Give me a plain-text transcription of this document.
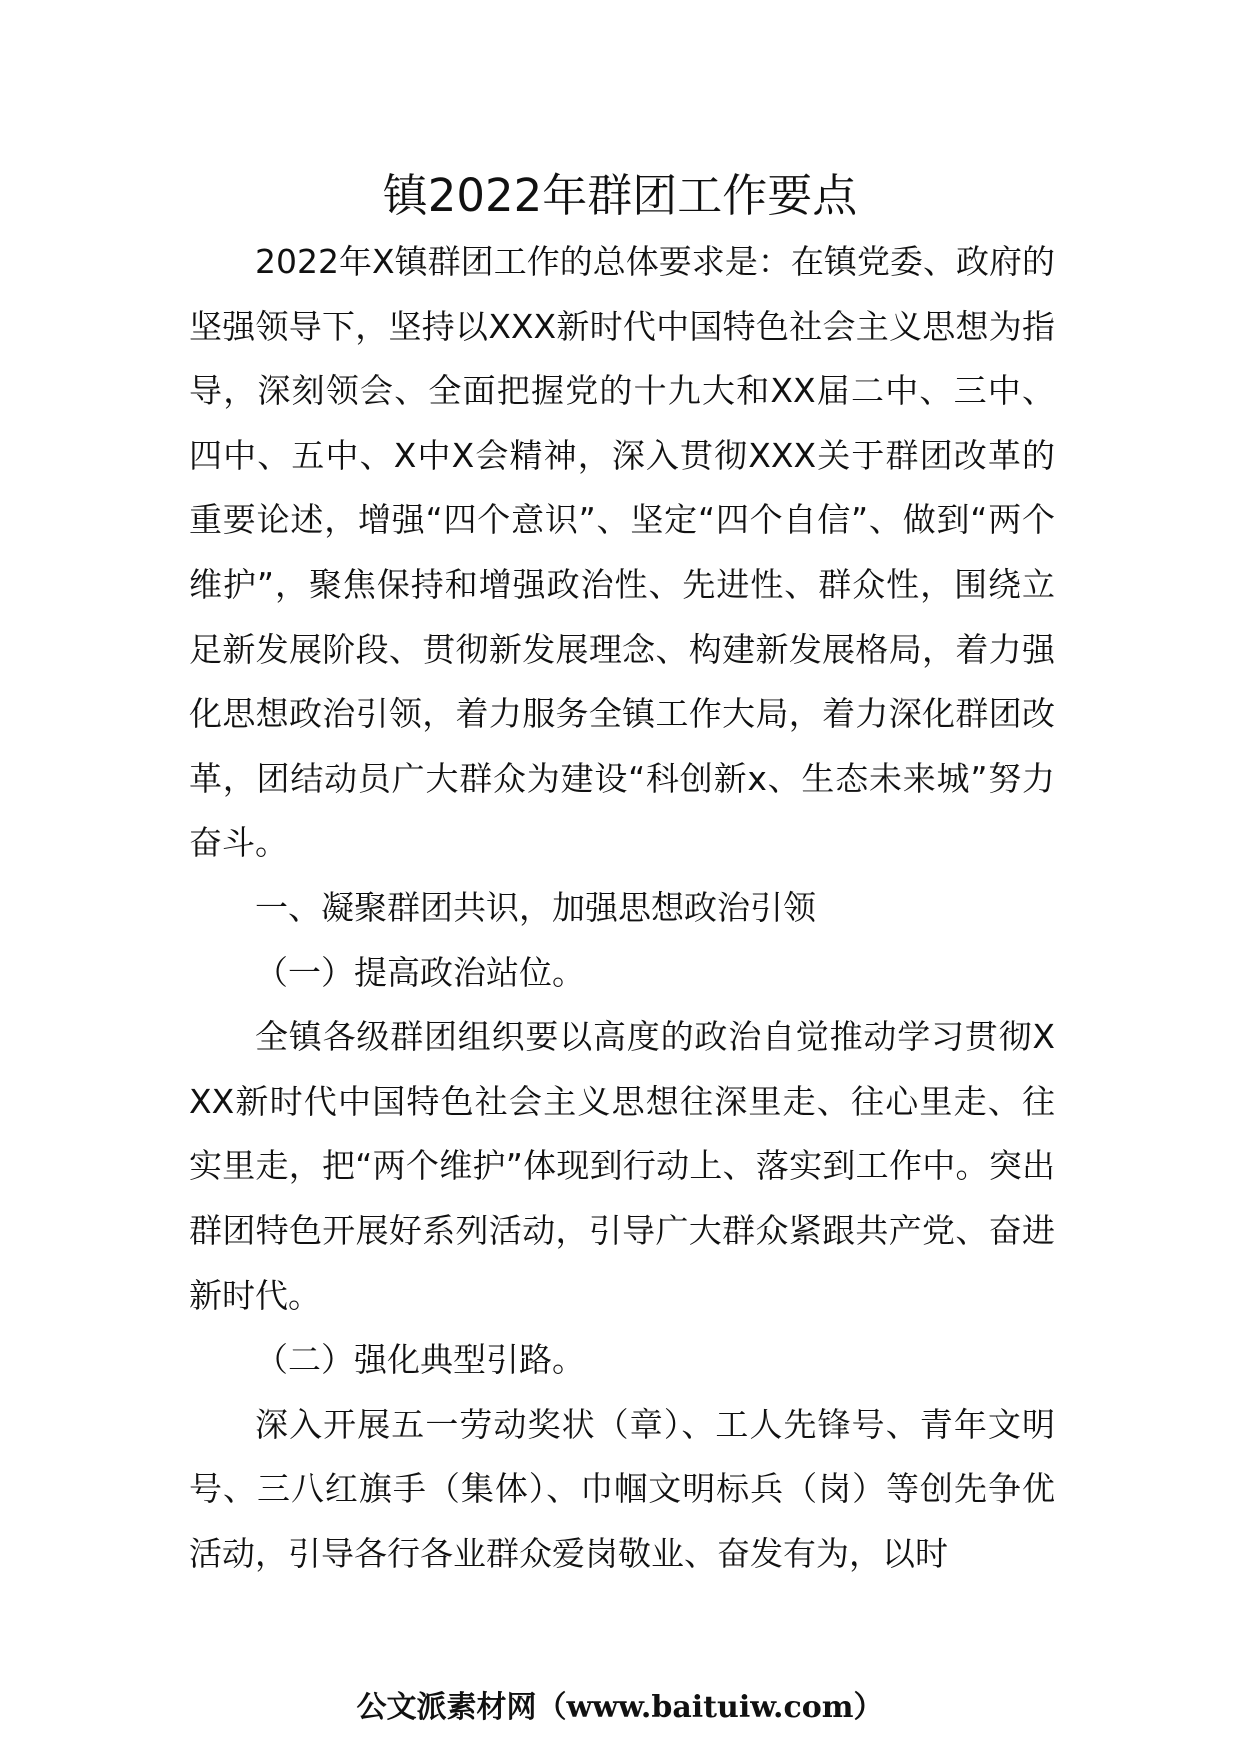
镇2022年群团工作要点

2022年X镇群团工作的总体要求是：在镇党委、政府的坚强领导下，坚持以XXX新时代中国特色社会主义思想为指导，深刻领会、全面把握党的十九大和XX届二中、三中、四中、五中、X中X会精神，深入贯彻XXX关于群团改革的重要论述，增强“四个意识”、坚定“四个自信”、做到“两个维护”，聚焦保持和增强政治性、先进性、群众性，围绕立足新发展阶段、贯彻新发展理念、构建新发展格局，着力强化思想政治引领，着力服务全镇工作大局，着力深化群团改革，团结动员广大群众为建设“科创新x、生态未来城”努力奋斗。

一、凝聚群团共识，加强思想政治引领

（一）提高政治站位。

全镇各级群团组织要以高度的政治自觉推动学习贯彻XXX新时代中国特色社会主义思想往深里走、往心里走、往实里走，把“两个维护”体现到行动上、落实到工作中。突出群团特色开展好系列活动，引导广大群众紧跟共产党、奋进新时代。

（二）强化典型引路。

深入开展五一劳动奖状（章）、工人先锋号、青年文明号、三八红旗手（集体）、巾帼文明标兵（岗）等创先争优活动，引导各行各业群众爱岗敬业、奋发有为，以时

公文派素材网（www.baituiw.com）
